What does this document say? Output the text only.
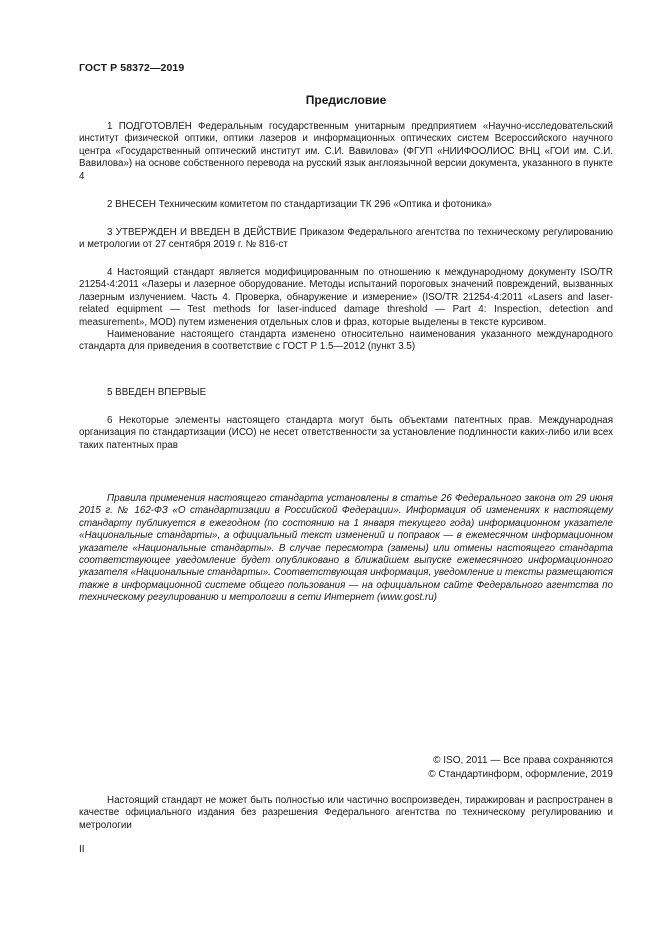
ГОСТ Р 58372—2019
Предисловие

1 ПОДГОТОВЛЕН Федеральным государственным унитарным предприятием «Научно-исследовательский институт физической оптики, оптики лазеров и информационных оптических систем Всероссийского научного центра «Государственный оптический институт им. С.И. Вавилова» (ФГУП «НИИФООЛИОС ВНЦ «ГОИ им. С.И. Вавилова») на основе собственного перевода на русский язык англоязычной версии документа, указанного в пункте 4

2 ВНЕСЕН Техническим комитетом по стандартизации ТК 296 «Оптика и фотоника»

3 УТВЕРЖДЕН И ВВЕДЕН В ДЕЙСТВИЕ Приказом Федерального агентства по техническому регулированию и метрологии от 27 сентября 2019 г. № 816-ст

4 Настоящий стандарт является модифицированным по отношению к международному документу ISO/TR 21254-4:2011 «Лазеры и лазерное оборудование. Методы испытаний пороговых значений повреждений, вызванных лазерным излучением. Часть 4. Проверка, обнаружение и измерение» (ISO/TR 21254-4:2011 «Lasers and laser-related equipment — Test methods for laser-induced damage threshold — Part 4: Inspection, detection and measurement», MOD) путем изменения отдельных слов и фраз, которые выделены в тексте курсивом.

Наименование настоящего стандарта изменено относительно наименования указанного международного стандарта для приведения в соответствие с ГОСТ Р 1.5—2012 (пункт 3.5)

5 ВВЕДЕН ВПЕРВЫЕ

6 Некоторые элементы настоящего стандарта могут быть объектами патентных прав. Международная организация по стандартизации (ИСО) не несет ответственности за установление подлинности каких-либо или всех таких патентных прав

Правила применения настоящего стандарта установлены в статье 26 Федерального закона от 29 июня 2015 г. № 162-ФЗ «О стандартизации в Российской Федерации». Информация об изменениях к настоящему стандарту публикуется в ежегодном (по состоянию на 1 января текущего года) информационном указателе «Национальные стандарты», а официальный текст изменений и поправок — в ежемесячном информационном указателе «Национальные стандарты». В случае пересмотра (замены) или отмены настоящего стандарта соответствующее уведомление будет опубликовано в ближайшем выпуске ежемесячного информационного указателя «Национальные стандарты». Соответствующая информация, уведомление и тексты размещаются также в информационной системе общего пользования — на официальном сайте Федерального агентства по техническому регулированию и метрологии в сети Интернет (www.gost.ru)

© ISO, 2011 — Все права сохраняются
© Стандартинформ, оформление, 2019

Настоящий стандарт не может быть полностью или частично воспроизведен, тиражирован и распространен в качестве официального издания без разрешения Федерального агентства по техническому регулированию и метрологии

II
